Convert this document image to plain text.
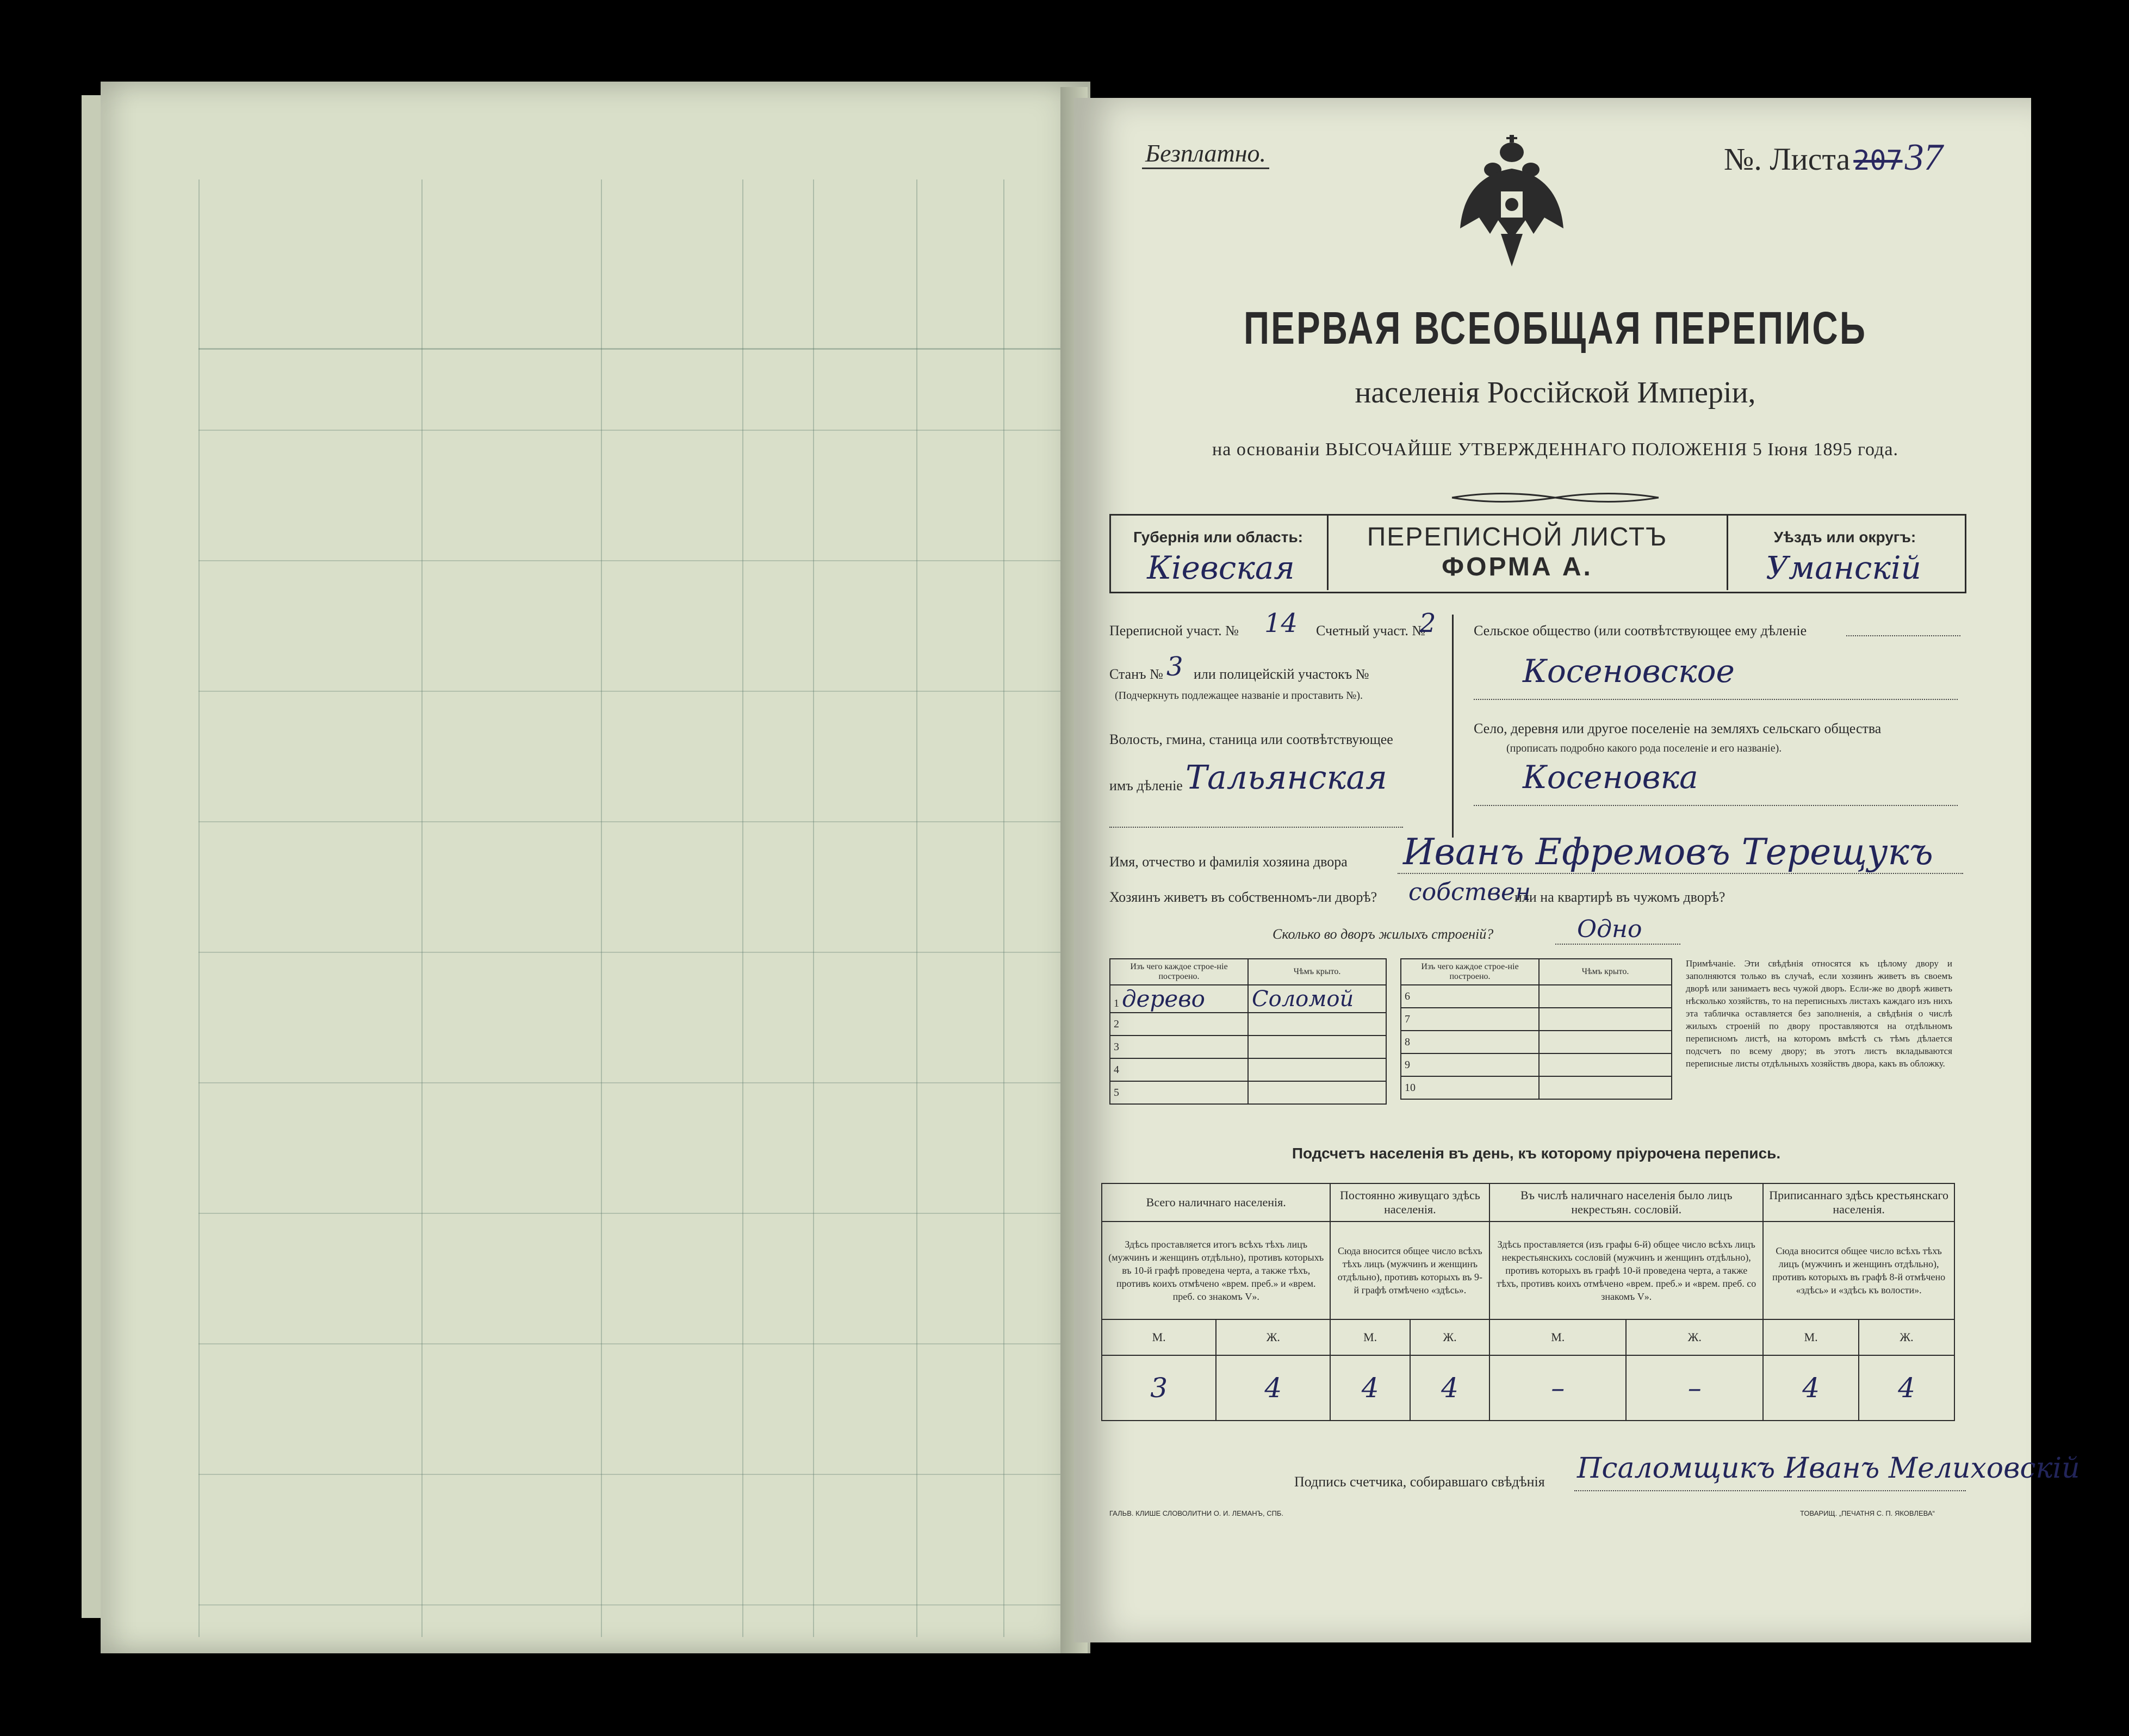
Безплатно.	№. Листа 20737
ПЕРВАЯ ВСЕОБЩАЯ ПЕРЕПИСЬ
населенія Россійской Имперіи,
на основаніи ВЫСОЧАЙШЕ УТВЕРЖДЕННАГО ПОЛОЖЕНІЯ 5 Іюня 1895 года.
Губернія или область:
Кіевская
ПЕРЕПИСНОЙ ЛИСТЪ
ФОРМА А.
Уѣздъ или округъ:
Уманскій
Переписной участ. № 14 Счетный участ. №
2
Станъ № 3 или полицейскій участокъ №
(Подчеркнуть подлежащее названіе и проставить №).
Волость, гмина, станица или соотвѣтствующее
имъ дѣленіе Тальянская
Сельское общество (или соотвѣтствующее ему дѣленіе
Косеновское
Село, деревня или другое поселеніе на земляхъ сельскаго общества
(прописать подробно какого рода поселеніе и его названіе).
Косеновка
Имя, отчество и фамилія хозяина двора Иванъ Ефремовъ Терещукъ
Хозяинъ живетъ въ собственномъ-ли дворѣ? собствен
или на квартирѣ въ чужомъ дворѣ?
Сколько во дворъ жилыхъ строеній?	Одно
Изъ чего каждое строе-ніе построено.	Чѣмъ крыто.
1 дерево	Соломой
2	
3	
4	
5	
Изъ чего каждое строе-ніе построено.	Чѣмъ крыто.
6	
7	
8	
9	
10	
Примѣчаніе. Эти свѣдѣнія относятся къ цѣлому двору и заполняются только въ случаѣ, если хозяинъ живетъ въ своемъ дворѣ или занимаетъ весь чужой дворъ. Если-же во дворѣ живетъ нѣсколько хозяйствъ, то на переписныхъ листахъ каждаго изъ нихъ эта табличка оставляется без заполненія, а свѣдѣнія о числѣ жилыхъ строеній по двору проставляются на отдѣльномъ переписномъ листѣ, на которомъ вмѣстѣ съ тѣмъ дѣлается подсчетъ по всему двору; въ этотъ листъ вкладываются переписные листы отдѣльныхъ хозяйствъ двора, какъ въ обложку.
Подсчетъ населенія въ день, къ которому пріурочена перепись.
Всего наличнаго населенія.		Постоянно живущаго здѣсь населенія.		Въ числѣ наличнаго населенія было лицъ некрестьян. сословій.		Приписаннаго здѣсь крестьянскаго населенія.	
Здѣсь проставляется итогъ всѣхъ тѣхъ лицъ (мужчинъ и женщинъ отдѣльно), противъ которыхъ въ 10-й графѣ проведена черта, а также тѣхъ, противъ коихъ отмѣчено «врем. преб.» и «врем. преб. со знакомъ V».		Сюда вносится общее число всѣхъ тѣхъ лицъ (мужчинъ и женщинъ отдѣльно), противъ которыхъ въ 9-й графѣ отмѣчено «здѣсь».		Здѣсь проставляется (изъ графы 6-й) общее число всѣхъ лицъ некрестьянскихъ сословій (мужчинъ и женщинъ отдѣльно), противъ которыхъ въ графѣ 10-й проведена черта, а также тѣхъ, противъ коихъ отмѣчено «врем. преб.» и «врем. преб. со знакомъ V».		Сюда вносится общее число всѣхъ тѣхъ лицъ (мужчинъ и женщинъ отдѣльно), противъ которыхъ въ графѣ 8-й отмѣчено «здѣсь» и «здѣсь къ волости».	
М.	Ж.	М.	Ж.	М.	Ж.	М.	Ж.
3	4	4	4	–	–	4	4
Подпись счетчика, собиравшаго свѣдѣнія Псаломщикъ Иванъ Мелиховскій
ГАЛЬВ. КЛИШЕ СЛОВОЛИТНИ О. И. ЛЕМАНЪ, СПБ.	ТОВАРИЩ. „ПЕЧАТНЯ С. П. ЯКОВЛЕВА“
